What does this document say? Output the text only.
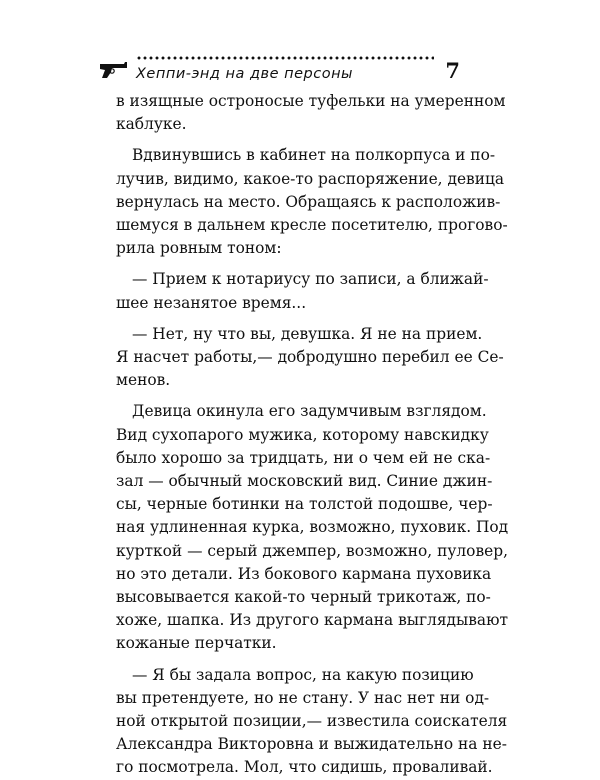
Хеппи-энд на две персоны	7

в изящные остроносые туфельки на умеренном
каблуке.

Вдвинувшись в кабинет на полкорпуса и по-
лучив, видимо, какое-то распоряжение, девица
вернулась на место. Обращаясь к расположив-
шемуся в дальнем кресле посетителю, прогово-
рила ровным тоном:

— Прием к нотариусу по записи, а ближай-
шее незанятое время...

— Нет, ну что вы, девушка. Я не на прием.
Я насчет работы,— добродушно перебил ее Се-
менов.

Девица окинула его задумчивым взглядом.
Вид сухопарого мужика, которому навскидку
было хорошо за тридцать, ни о чем ей не ска-
зал — обычный московский вид. Синие джин-
сы, черные ботинки на толстой подошве, чер-
ная удлиненная курка, возможно, пуховик. Под
курткой — серый джемпер, возможно, пуловер,
но это детали. Из бокового кармана пуховика
высовывается какой-то черный трикотаж, по-
хоже, шапка. Из другого кармана выглядывают
кожаные перчатки.

— Я бы задала вопрос, на какую позицию
вы претендуете, но не стану. У нас нет ни од-
ной открытой позиции,— известила соискателя
Александра Викторовна и выжидательно на не-
го посмотрела. Мол, что сидишь, проваливай.
